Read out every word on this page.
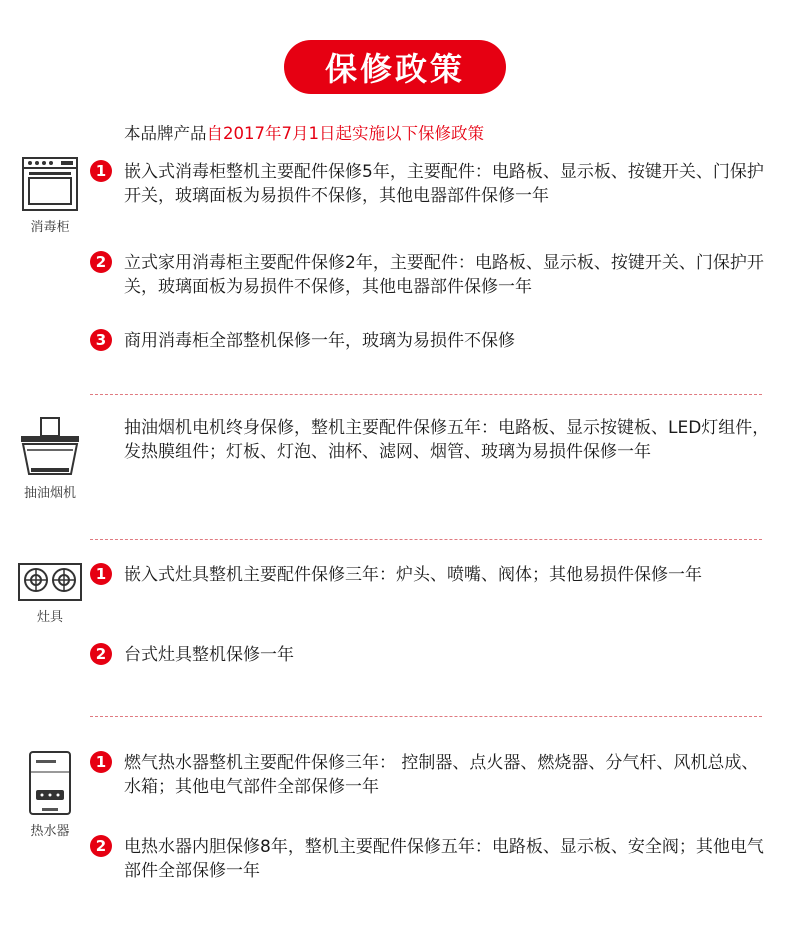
保修政策
本品牌产品自2017年7月1日起实施以下保修政策
消毒柜
1	嵌入式消毒柜整机主要配件保修5年，主要配件：电路板、显示板、按键开关、门保护开关，玻璃面板为易损件不保修，其他电器部件保修一年
2	立式家用消毒柜主要配件保修2年，主要配件：电路板、显示板、按键开关、门保护开关，玻璃面板为易损件不保修，其他电器部件保修一年
3	商用消毒柜全部整机保修一年，玻璃为易损件不保修
抽油烟机
抽油烟机电机终身保修，整机主要配件保修五年：电路板、显示按键板、LED灯组件，发热膜组件；灯板、灯泡、油杯、滤网、烟管、玻璃为易损件保修一年
灶具
1	嵌入式灶具整机主要配件保修三年：炉头、喷嘴、阀体；其他易损件保修一年
2	台式灶具整机保修一年
热水器
1	燃气热水器整机主要配件保修三年： 控制器、点火器、燃烧器、分气杆、风机总成、水箱；其他电气部件全部保修一年
2	电热水器内胆保修8年，整机主要配件保修五年：电路板、显示板、安全阀；其他电气部件全部保修一年
